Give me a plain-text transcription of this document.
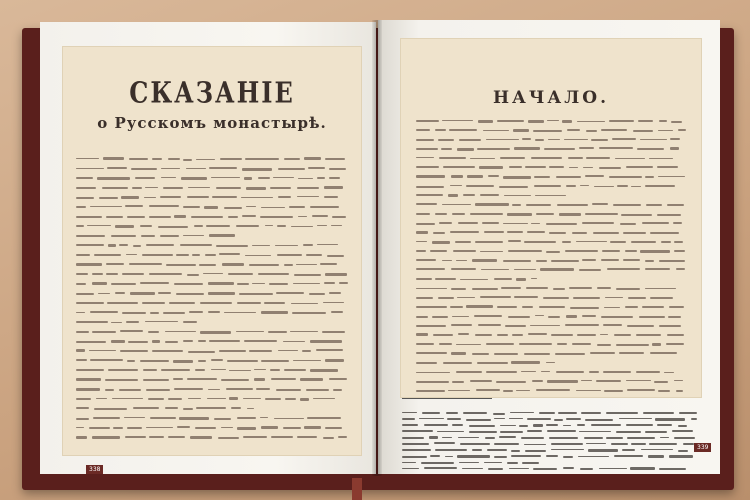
СКАЗАНІЕ
о Русскомъ монастырѣ.
338
НАЧАЛО.
339
